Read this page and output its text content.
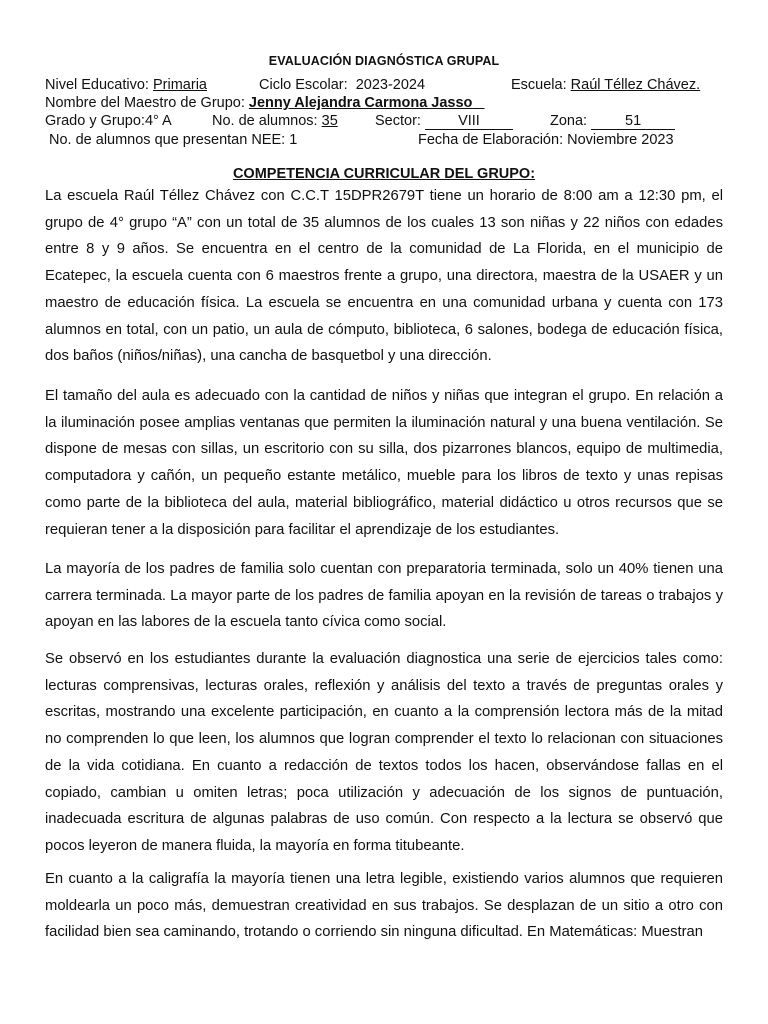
EVALUACIÓN DIAGNÓSTICA GRUPAL
Nivel Educativo: Primaria	Ciclo Escolar: 2023-2024	Escuela: Raúl Téllez Chávez.
Nombre del Maestro de Grupo: Jenny Alejandra Carmona Jasso
Grado y Grupo:4° A	No. de alumnos: 35	Sector:	VIII	Zona:	51
No. de alumnos que presentan NEE: 1	Fecha de Elaboración: Noviembre 2023
COMPETENCIA CURRICULAR DEL GRUPO:

La escuela Raúl Téllez Chávez con C.C.T 15DPR2679T tiene un horario de 8:00 am a 12:30 pm, el grupo de 4° grupo “A” con un total de 35 alumnos de los cuales 13 son niñas y 22 niños con edades entre 8 y 9 años. Se encuentra en el centro de la comunidad de La Florida, en el municipio de Ecatepec, la escuela cuenta con 6 maestros frente a grupo, una directora, maestra de la USAER y un maestro de educación física. La escuela se encuentra en una comunidad urbana y cuenta con 173 alumnos en total, con un patio, un aula de cómputo, biblioteca, 6 salones, bodega de educación física, dos baños (niños/niñas), una cancha de basquetbol y una dirección.

El tamaño del aula es adecuado con la cantidad de niños y niñas que integran el grupo. En relación a la iluminación posee amplias ventanas que permiten la iluminación natural y una buena ventilación. Se dispone de mesas con sillas, un escritorio con su silla, dos pizarrones blancos, equipo de multimedia, computadora y cañón, un pequeño estante metálico, mueble para los libros de texto y unas repisas como parte de la biblioteca del aula, material bibliográfico, material didáctico u otros recursos que se requieran tener a la disposición para facilitar el aprendizaje de los estudiantes.

La mayoría de los padres de familia solo cuentan con preparatoria terminada, solo un 40% tienen una carrera terminada. La mayor parte de los padres de familia apoyan en la revisión de tareas o trabajos y apoyan en las labores de la escuela tanto cívica como social.

Se observó en los estudiantes durante la evaluación diagnostica una serie de ejercicios tales como: lecturas comprensivas, lecturas orales, reflexión y análisis del texto a través de preguntas orales y escritas, mostrando una excelente participación, en cuanto a la comprensión lectora más de la mitad no comprenden lo que leen, los alumnos que logran comprender el texto lo relacionan con situaciones de la vida cotidiana. En cuanto a redacción de textos todos los hacen, observándose fallas en el copiado, cambian u omiten letras; poca utilización y adecuación de los signos de puntuación, inadecuada escritura de algunas palabras de uso común. Con respecto a la lectura se observó que pocos leyeron de manera fluida, la mayoría en forma titubeante.

En cuanto a la caligrafía la mayoría tienen una letra legible, existiendo varios alumnos que requieren moldearla un poco más, demuestran creatividad en sus trabajos. Se desplazan de un sitio a otro con facilidad bien sea caminando, trotando o corriendo sin ninguna dificultad. En Matemáticas: Muestran
